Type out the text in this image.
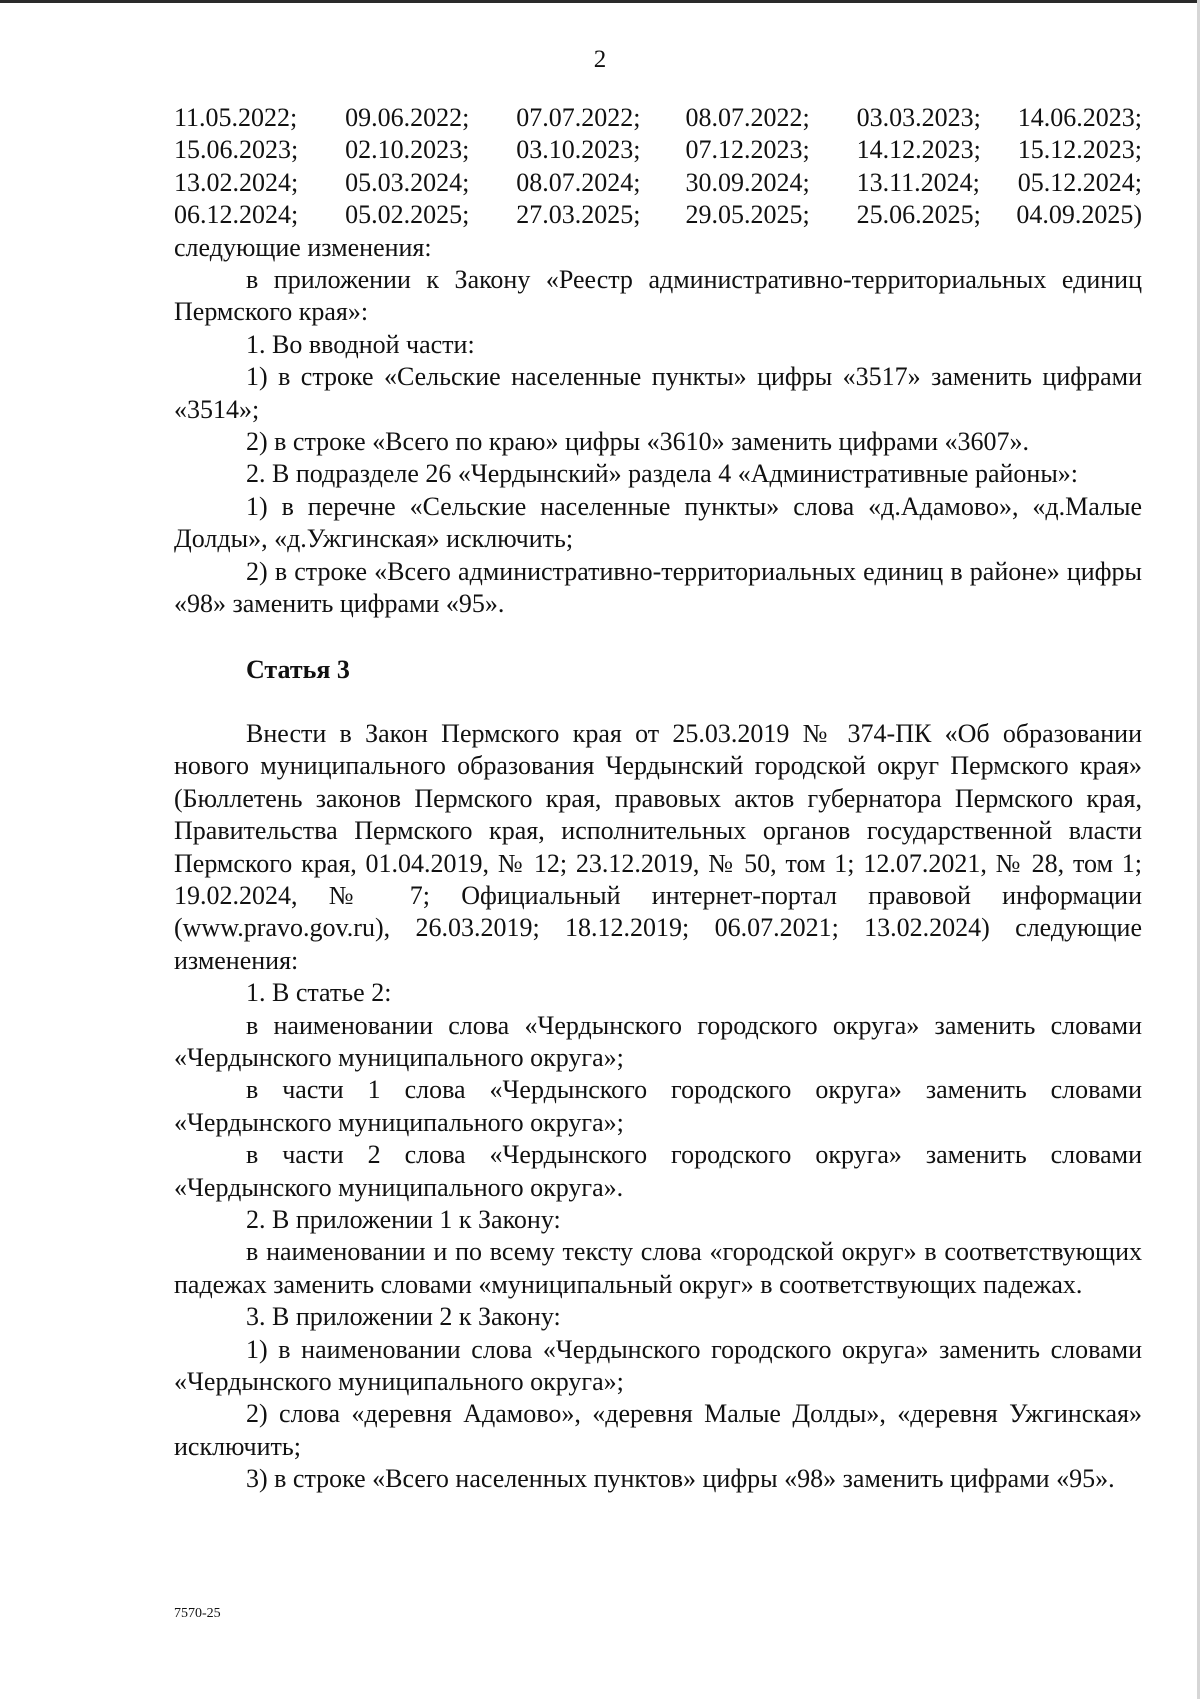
2
11.05.2022;	09.06.2022;	07.07.2022;	08.07.2022;	03.03.2023;	14.06.2023;
15.06.2023;	02.10.2023;	03.10.2023;	07.12.2023;	14.12.2023;	15.12.2023;
13.02.2024;	05.03.2024;	08.07.2024;	30.09.2024;	13.11.2024;	05.12.2024;
06.12.2024;	05.02.2025;	27.03.2025;	29.05.2025;	25.06.2025;	04.09.2025)

следующие изменения:

в приложении к Закону «Реестр административно-территориальных единиц Пермского края»:

1. Во вводной части:

1) в строке «Сельские населенные пункты» цифры «3517» заменить цифрами «3514»;

2) в строке «Всего по краю» цифры «3610» заменить цифрами «3607».

2. В подразделе 26 «Чердынский» раздела 4 «Административные районы»:

1) в перечне «Сельские населенные пункты» слова «д.Адамово», «д.Малые Долды», «д.Ужгинская» исключить;

2) в строке «Всего административно-территориальных единиц в районе» цифры «98» заменить цифрами «95».

Статья 3

Внести в Закон Пермского края от 25.03.2019 № 374-ПК «Об образовании нового муниципального образования Чердынский городской округ Пермского края» (Бюллетень законов Пермского края, правовых актов губернатора Пермского края, Правительства Пермского края, исполнительных органов государственной власти Пермского края, 01.04.2019, № 12; 23.12.2019, № 50, том 1; 12.07.2021, № 28, том 1; 19.02.2024, № 7; Официальный интернет-портал правовой информации (www.pravo.gov.ru), 26.03.2019; 18.12.2019; 06.07.2021; 13.02.2024) следующие изменения:

1. В статье 2:

в наименовании слова «Чердынского городского округа» заменить словами «Чердынского муниципального округа»;

в части 1 слова «Чердынского городского округа» заменить словами «Чердынского муниципального округа»;

в части 2 слова «Чердынского городского округа» заменить словами «Чердынского муниципального округа».

2. В приложении 1 к Закону:

в наименовании и по всему тексту слова «городской округ» в соответствующих падежах заменить словами «муниципальный округ» в соответствующих падежах.

3. В приложении 2 к Закону:

1) в наименовании слова «Чердынского городского округа» заменить словами «Чердынского муниципального округа»;

2) слова «деревня Адамово», «деревня Малые Долды», «деревня Ужгинская» исключить;

3) в строке «Всего населенных пунктов» цифры «98» заменить цифрами «95».

7570-25
